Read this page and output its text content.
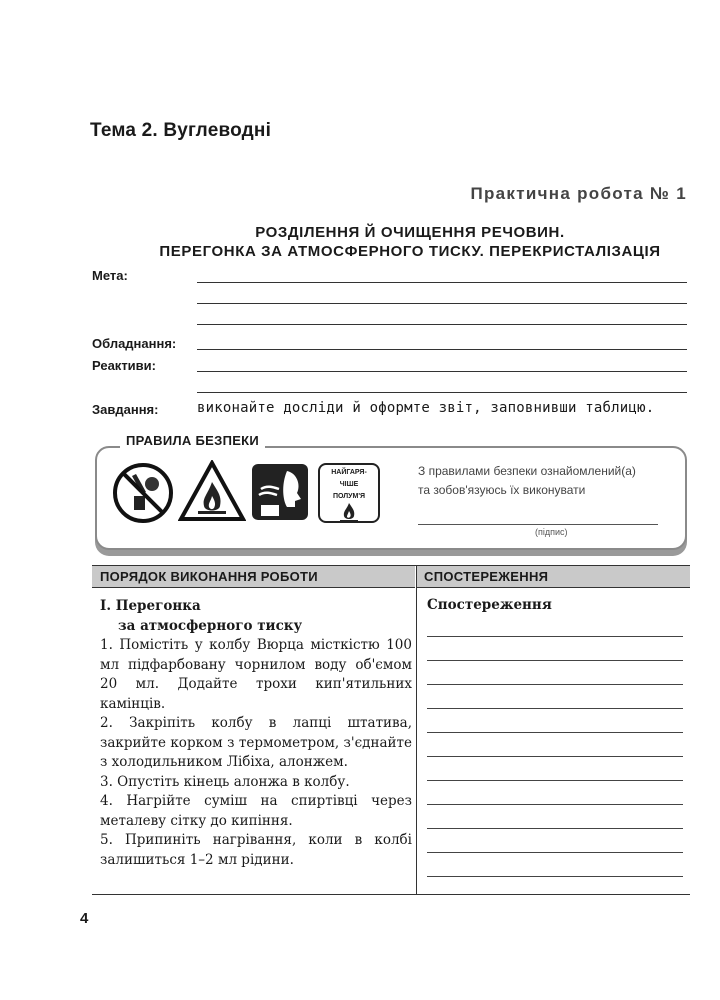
Тема 2. Вуглеводні
Практична робота № 1
РОЗДІЛЕННЯ Й ОЧИЩЕННЯ РЕЧОВИН.
ПЕРЕГОНКА ЗА АТМОСФЕРНОГО ТИСКУ. ПЕРЕКРИСТАЛІЗАЦІЯ
Мета:
Обладнання:
Реактиви:
Завдання:	виконайте досліди й оформте звіт, заповнивши таблицю.
ПРАВИЛА БЕЗПЕКИ
НАЙГАРЯ-
ЧІШЕ
ПОЛУМ'Я
З правилами безпеки ознайомлений(а)
та зобов'язуюсь їх виконувати
(підпис)
ПОРЯДОК ВИКОНАННЯ РОБОТИ	СПОСТЕРЕЖЕННЯ
І. Перегонка
за атмосферного тиску
1. Помістіть у колбу Вюрца місткістю 100 мл підфарбовану чорнилом воду об'ємом 20 мл. Додайте трохи кип'ятильних камінців.
2. Закріпіть колбу в лапці штатива, закрийте корком з термометром, з'єднайте з холодильником Лібіха, алонжем.
3. Опустіть кінець алонжа в колбу.
4. Нагрійте суміш на спиртівці через металеву сітку до кипіння.
5. Припиніть нагрівання, коли в колбі залишиться 1–2 мл рідини.
Спостереження
4
